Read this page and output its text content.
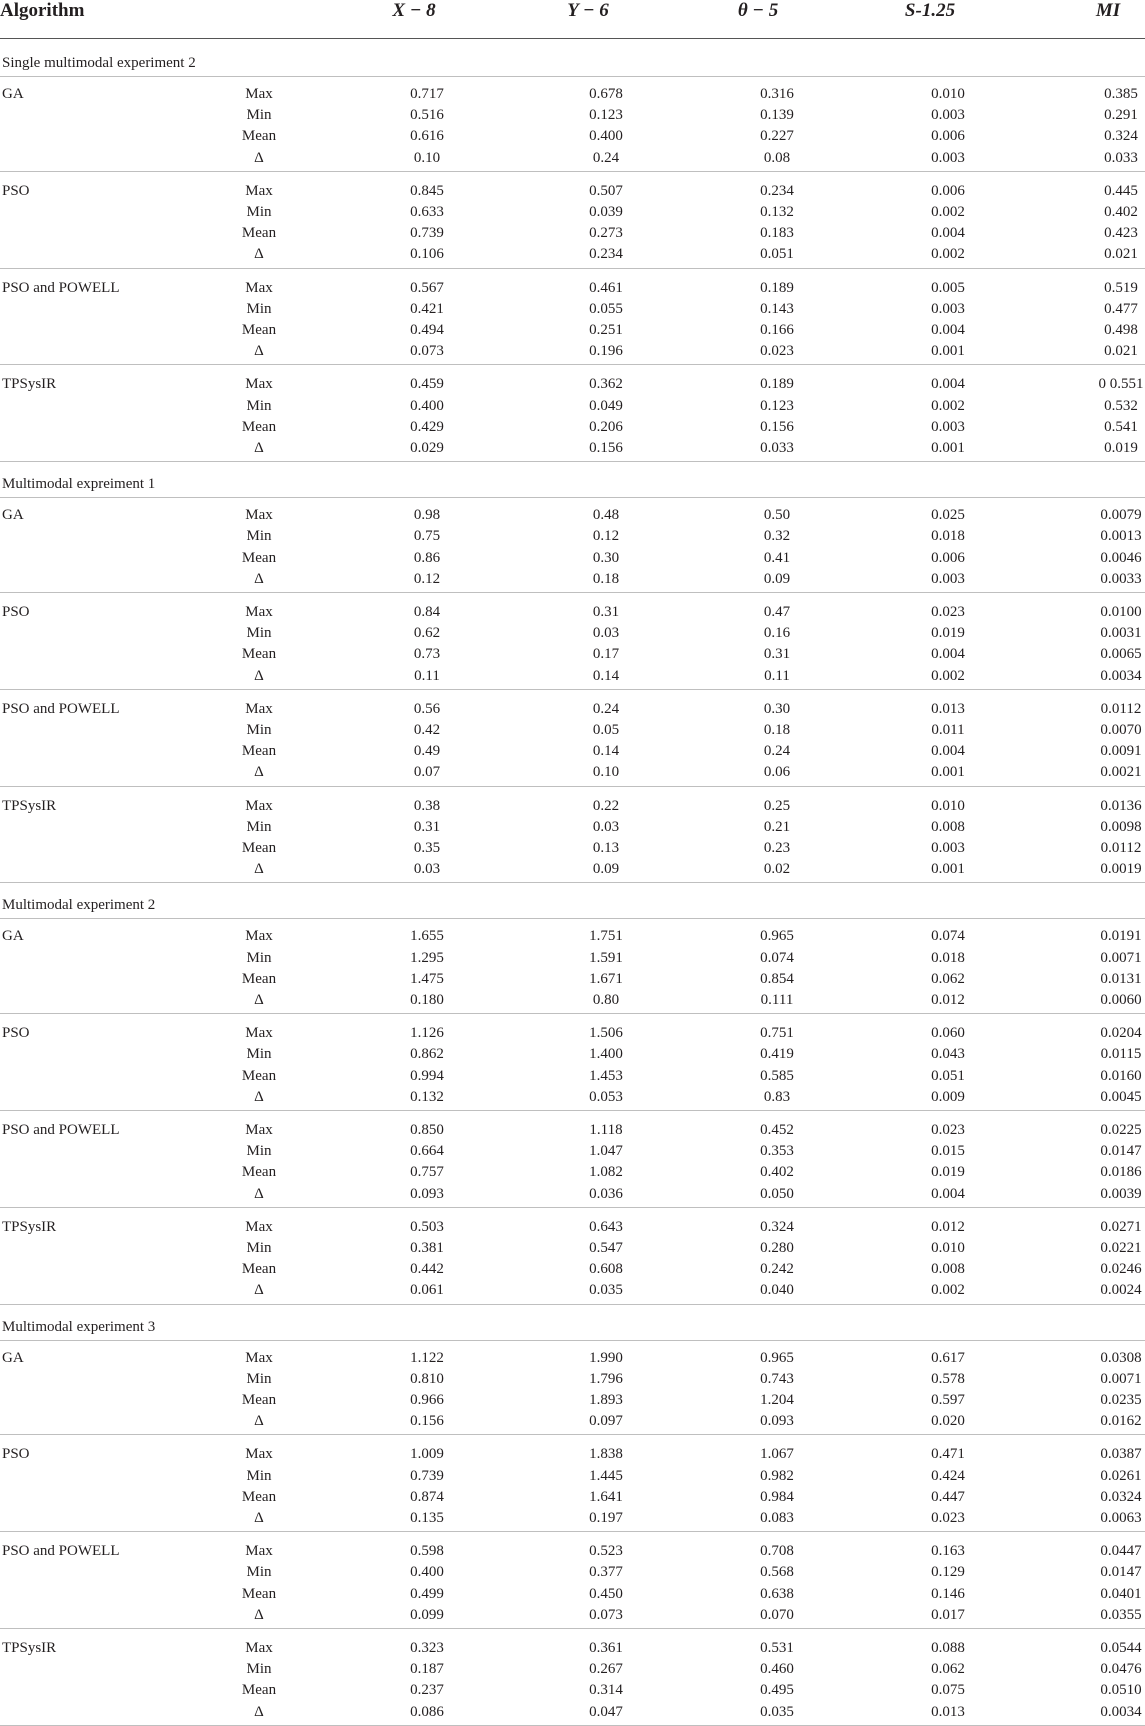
Algorithm	X − 8	Y − 6	θ − 5	S-1.25	MI
Single multimodal experiment 2
GA	Max	0.717	0.678	0.316	0.010	0.385
Min	0.516	0.123	0.139	0.003	0.291
Mean	0.616	0.400	0.227	0.006	0.324
Δ	0.10	0.24	0.08	0.003	0.033
PSO	Max	0.845	0.507	0.234	0.006	0.445
Min	0.633	0.039	0.132	0.002	0.402
Mean	0.739	0.273	0.183	0.004	0.423
Δ	0.106	0.234	0.051	0.002	0.021
PSO and POWELL	Max	0.567	0.461	0.189	0.005	0.519
Min	0.421	0.055	0.143	0.003	0.477
Mean	0.494	0.251	0.166	0.004	0.498
Δ	0.073	0.196	0.023	0.001	0.021
TPSysIR	Max	0.459	0.362	0.189	0.004	0 0.551
Min	0.400	0.049	0.123	0.002	0.532
Mean	0.429	0.206	0.156	0.003	0.541
Δ	0.029	0.156	0.033	0.001	0.019
Multimodal expreiment 1
GA	Max	0.98	0.48	0.50	0.025	0.0079
Min	0.75	0.12	0.32	0.018	0.0013
Mean	0.86	0.30	0.41	0.006	0.0046
Δ	0.12	0.18	0.09	0.003	0.0033
PSO	Max	0.84	0.31	0.47	0.023	0.0100
Min	0.62	0.03	0.16	0.019	0.0031
Mean	0.73	0.17	0.31	0.004	0.0065
Δ	0.11	0.14	0.11	0.002	0.0034
PSO and POWELL	Max	0.56	0.24	0.30	0.013	0.0112
Min	0.42	0.05	0.18	0.011	0.0070
Mean	0.49	0.14	0.24	0.004	0.0091
Δ	0.07	0.10	0.06	0.001	0.0021
TPSysIR	Max	0.38	0.22	0.25	0.010	0.0136
Min	0.31	0.03	0.21	0.008	0.0098
Mean	0.35	0.13	0.23	0.003	0.0112
Δ	0.03	0.09	0.02	0.001	0.0019
Multimodal experiment 2
GA	Max	1.655	1.751	0.965	0.074	0.0191
Min	1.295	1.591	0.074	0.018	0.0071
Mean	1.475	1.671	0.854	0.062	0.0131
Δ	0.180	0.80	0.111	0.012	0.0060
PSO	Max	1.126	1.506	0.751	0.060	0.0204
Min	0.862	1.400	0.419	0.043	0.0115
Mean	0.994	1.453	0.585	0.051	0.0160
Δ	0.132	0.053	0.83	0.009	0.0045
PSO and POWELL	Max	0.850	1.118	0.452	0.023	0.0225
Min	0.664	1.047	0.353	0.015	0.0147
Mean	0.757	1.082	0.402	0.019	0.0186
Δ	0.093	0.036	0.050	0.004	0.0039
TPSysIR	Max	0.503	0.643	0.324	0.012	0.0271
Min	0.381	0.547	0.280	0.010	0.0221
Mean	0.442	0.608	0.242	0.008	0.0246
Δ	0.061	0.035	0.040	0.002	0.0024
Multimodal experiment 3
GA	Max	1.122	1.990	0.965	0.617	0.0308
Min	0.810	1.796	0.743	0.578	0.0071
Mean	0.966	1.893	1.204	0.597	0.0235
Δ	0.156	0.097	0.093	0.020	0.0162
PSO	Max	1.009	1.838	1.067	0.471	0.0387
Min	0.739	1.445	0.982	0.424	0.0261
Mean	0.874	1.641	0.984	0.447	0.0324
Δ	0.135	0.197	0.083	0.023	0.0063
PSO and POWELL	Max	0.598	0.523	0.708	0.163	0.0447
Min	0.400	0.377	0.568	0.129	0.0147
Mean	0.499	0.450	0.638	0.146	0.0401
Δ	0.099	0.073	0.070	0.017	0.0355
TPSysIR	Max	0.323	0.361	0.531	0.088	0.0544
Min	0.187	0.267	0.460	0.062	0.0476
Mean	0.237	0.314	0.495	0.075	0.0510
Δ	0.086	0.047	0.035	0.013	0.0034
